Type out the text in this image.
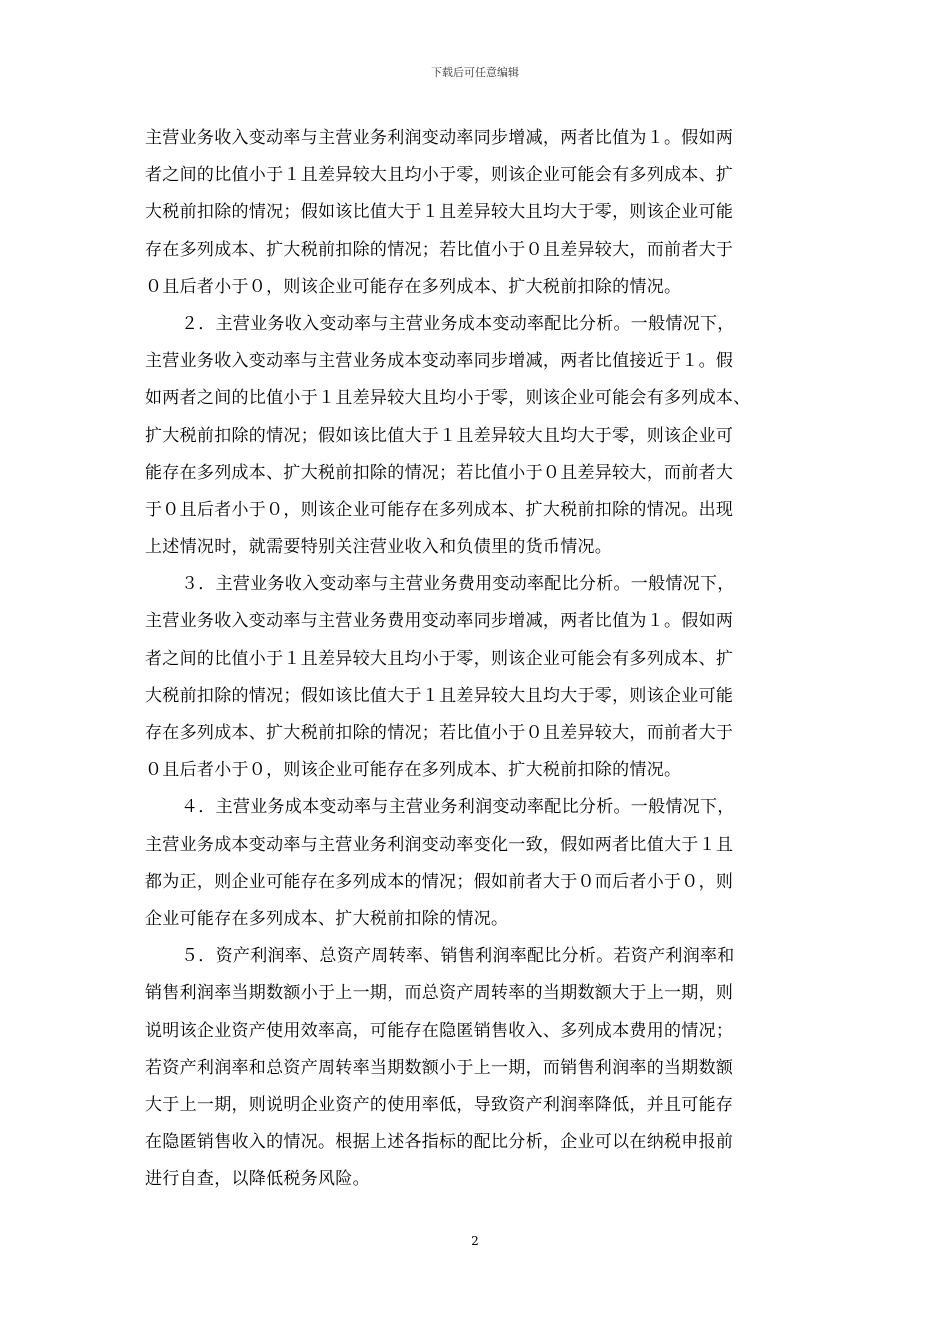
下载后可任意编辑
主营业务收入变动率与主营业务利润变动率同步增减，两者比值为１。假如两
者之间的比值小于１且差异较大且均小于零，则该企业可能会有多列成本、扩
大税前扣除的情况；假如该比值大于１且差异较大且均大于零，则该企业可能
存在多列成本、扩大税前扣除的情况；若比值小于０且差异较大，而前者大于
０且后者小于０，则该企业可能存在多列成本、扩大税前扣除的情况。
２．主营业务收入变动率与主营业务成本变动率配比分析。一般情况下，
主营业务收入变动率与主营业务成本变动率同步增减，两者比值接近于１。假
如两者之间的比值小于１且差异较大且均小于零，则该企业可能会有多列成本、
扩大税前扣除的情况；假如该比值大于１且差异较大且均大于零，则该企业可
能存在多列成本、扩大税前扣除的情况；若比值小于０且差异较大，而前者大
于０且后者小于０，则该企业可能存在多列成本、扩大税前扣除的情况。出现
上述情况时，就需要特别关注营业收入和负债里的货币情况。
３．主营业务收入变动率与主营业务费用变动率配比分析。一般情况下，
主营业务收入变动率与主营业务费用变动率同步增减，两者比值为１。假如两
者之间的比值小于１且差异较大且均小于零，则该企业可能会有多列成本、扩
大税前扣除的情况；假如该比值大于１且差异较大且均大于零，则该企业可能
存在多列成本、扩大税前扣除的情况；若比值小于０且差异较大，而前者大于
０且后者小于０，则该企业可能存在多列成本、扩大税前扣除的情况。
４．主营业务成本变动率与主营业务利润变动率配比分析。一般情况下，
主营业务成本变动率与主营业务利润变动率变化一致，假如两者比值大于１且
都为正，则企业可能存在多列成本的情况；假如前者大于０而后者小于０，则
企业可能存在多列成本、扩大税前扣除的情况。
５．资产利润率、总资产周转率、销售利润率配比分析。若资产利润率和
销售利润率当期数额小于上一期，而总资产周转率的当期数额大于上一期，则
说明该企业资产使用效率高，可能存在隐匿销售收入、多列成本费用的情况；
若资产利润率和总资产周转率当期数额小于上一期，而销售利润率的当期数额
大于上一期，则说明企业资产的使用率低，导致资产利润率降低，并且可能存
在隐匿销售收入的情况。根据上述各指标的配比分析，企业可以在纳税申报前
进行自查，以降低税务风险。
2
